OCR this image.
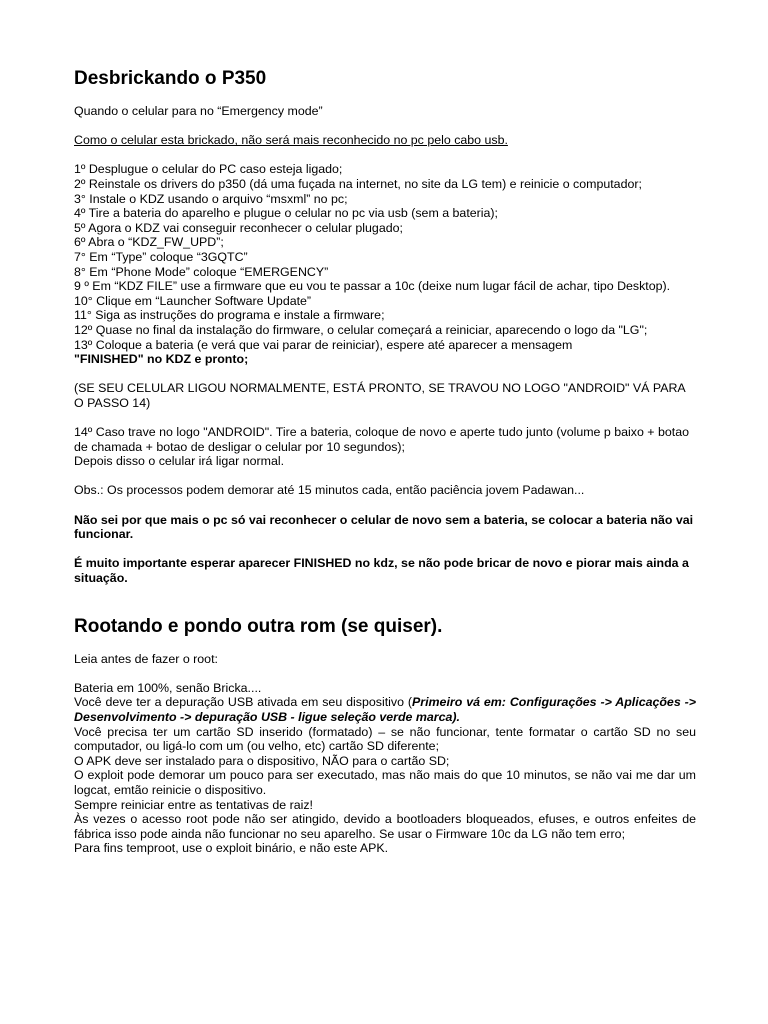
Desbrickando o P350

Quando o celular para no “Emergency mode”

Como o celular esta brickado, não será mais reconhecido no pc pelo cabo usb.

1º Desplugue o celular do PC caso esteja ligado;

2º Reinstale os drivers do p350 (dá uma fuçada na internet, no site da LG tem) e reinicie o computador;

3° Instale o KDZ usando o arquivo “msxml” no pc;

4º Tire a bateria do aparelho e plugue o celular no pc via usb (sem a bateria);

5º Agora o KDZ vai conseguir reconhecer o celular plugado;

6º Abra o “KDZ_FW_UPD”;

7° Em “Type” coloque “3GQTC”

8° Em “Phone Mode” coloque “EMERGENCY”

9 º Em “KDZ FILE” use a firmware que eu vou te passar a 10c (deixe num lugar fácil de achar, tipo Desktop).

10° Clique em “Launcher Software Update”

11° Siga as instruções do programa e instale a firmware;

12º Quase no final da instalação do firmware, o celular começará a reiniciar, aparecendo o logo da "LG";

13º Coloque a bateria (e verá que vai parar de reiniciar), espere até aparecer a mensagem

"FINISHED" no KDZ e pronto;

(SE SEU CELULAR LIGOU NORMALMENTE, ESTÁ PRONTO, SE TRAVOU NO LOGO "ANDROID" VÁ PARA O PASSO 14)

14º Caso trave no logo "ANDROID". Tire a bateria, coloque de novo e aperte tudo junto (volume p baixo + botao de chamada + botao de desligar o celular por 10 segundos);

Depois disso o celular irá ligar normal.

Obs.: Os processos podem demorar até 15 minutos cada, então paciência jovem Padawan...

Não sei por que mais o pc só vai reconhecer o celular de novo sem a bateria, se colocar a bateria não vai funcionar.

É muito importante esperar aparecer FINISHED no kdz, se não pode bricar de novo e piorar mais ainda a situação.

Rootando e pondo outra rom (se quiser).

Leia antes de fazer o root:

Bateria em 100%, senão Bricka....

Você deve ter a depuração USB ativada em seu dispositivo (Primeiro vá em: Configurações -> Aplicações -> Desenvolvimento -> depuração USB - ligue seleção verde marca).

Você precisa ter um cartão SD inserido (formatado) – se não funcionar, tente formatar o cartão SD no seu computador, ou ligá-lo com um (ou velho, etc) cartão SD diferente;

O APK deve ser instalado para o dispositivo, NÃO para o cartão SD;

O exploit pode demorar um pouco para ser executado, mas não mais do que 10 minutos, se não vai me dar um logcat, emtão reinicie o dispositivo.

Sempre reiniciar entre as tentativas de raiz!

Às vezes o acesso root pode não ser atingido, devido a bootloaders bloqueados, efuses, e outros enfeites de fábrica isso pode ainda não funcionar no seu aparelho. Se usar o Firmware 10c da LG não tem erro;

Para fins temproot, use o exploit binário, e não este APK.
